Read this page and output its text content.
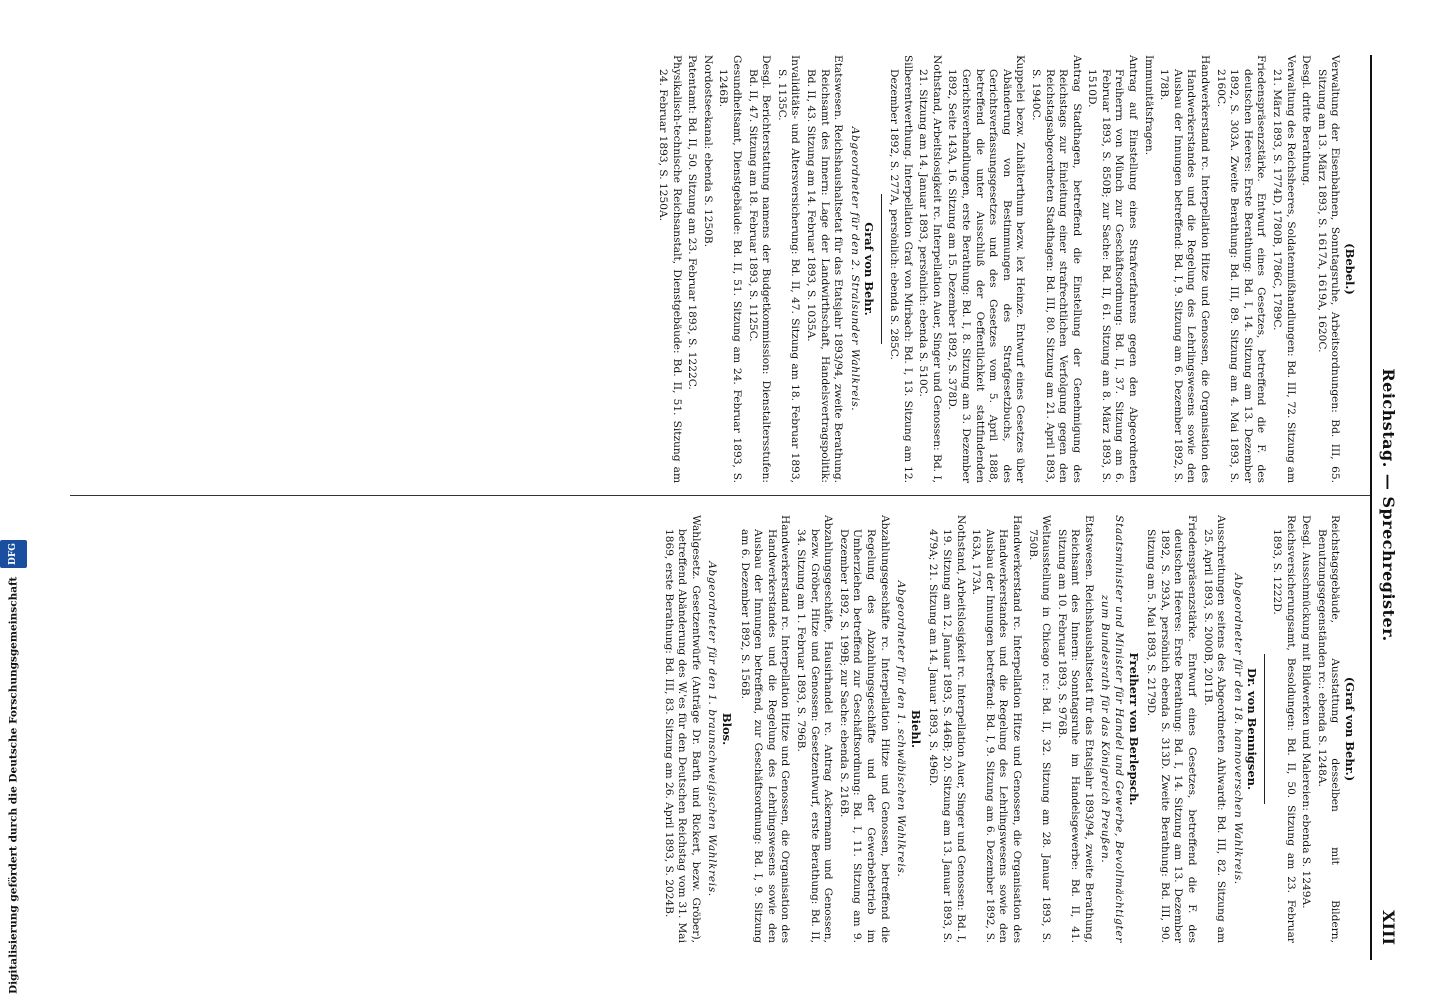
Reichstag. — Sprechregister.
XIII
(Bebel.)

Verwaltung der Eisenbahnen, Sonntagsruhe, Arbeitsordnungen: Bd. III, 65. Sitzung am 13. März 1893, S. 1617A, 1619A, 1620C.

Desgl. dritte Berathung.

Verwaltung des Reichsheeres, Soldatenmißhandlungen: Bd. III, 72. Sitzung am 21. März 1893, S. 1774D, 1780B, 1786C, 1789C.

Friedenspräsenzstärke. Entwurf eines Gesetzes, betreffend die F. des deutschen Heeres: Erste Berathung: Bd. I, 14. Sitzung am 13. Dezember 1892, S. 303A. Zweite Berathung: Bd. III, 89. Sitzung am 4. Mai 1893, S. 2160C.

Handwerkerstand rc. Interpellation Hitze und Genossen, die Organisation des Handwerkerstandes und die Regelung des Lehrlingswesens sowie den Ausbau der Innungen betreffend: Bd. I, 9. Sitzung am 6. Dezember 1892, S. 178B.

Immunitätsfragen.

Antrag auf Einstellung eines Strafverfahrens gegen den Abgeordneten Freiherrn von Münch zur Geschäftsordnung: Bd. II, 37. Sitzung am 6. Februar 1893, S. 850B; zur Sache: Bd. II, 61. Sitzung am 8. März 1893, S. 1510D.

Antrag Stadthagen, betreffend die Einstellung der Genehmigung des Reichstags zur Einleitung einer strafrechtlichen Verfolgung gegen den Reichstagsabgeordneten Stadthagen: Bd. III, 80. Sitzung am 21. April 1893, S. 1940C.

Kuppelei bezw. Zuhälterthum bezw. lex Heinze. Entwurf eines Gesetzes über Abänderung von Bestimmungen des Strafgesetzbuchs, des Gerichtsverfassungsgesetzes und des Gesetzes vom 5. April 1888, betreffend die unter Ausschluß der Oeffentlichkeit stattfindenden Gerichtsverhandlungen, erste Berathung: Bd. I, 8. Sitzung am 3. Dezember 1892, Seite 143A, 16. Sitzung am 15. Dezember 1892, S. 378D.

Nothstand, Arbeitslosigkeit rc. Interpellation Auer, Singer und Genossen: Bd. I, 21. Sitzung am 14. Januar 1893, persönlich: ebenda S. 510C.

Silberentwerthung. Interpellation Graf von Mirbach: Bd. I, 13. Sitzung am 12. Dezember 1892, S. 277A, persönlich: ebenda S. 285C.

Graf von Behr.
Abgeordneter für den 2. Stralsunder Wahlkreis.

Etatswesen. Reichshaushaltsetat für das Etatsjahr 1893/94, zweite Berathung. Reichsamt des Innern: Lage der Landwirthschaft, Handelsvertragspolitik: Bd. II, 43. Sitzung am 14. Februar 1893, S. 1035A.

Invaliditäts- und Altersversicherung: Bd. II, 47. Sitzung am 18. Februar 1893, S. 1135C.

Desgl. Berichterstattung namens der Budgetkommission: Dienstaltersstufen: Bd. II, 47. Sitzung am 18. Februar 1893, S. 1125C.

Gesundheitsamt, Dienstgebäude: Bd. II, 51. Sitzung am 24. Februar 1893, S. 1246B.

Nordostseekanal: ebenda S. 1250B.

Patentamt: Bd. II, 50. Sitzung am 23. Februar 1893, S. 1222C.

Physikalisch-technische Reichsanstalt, Dienstgebäude: Bd. II, 51. Sitzung am 24. Februar 1893, S. 1250A.

(Graf von Behr.)

Reichstagsgebäude, Ausstattung desselben mit Bildern, Benutzungsgegenständen rc.: ebenda S. 1248A.

Desgl. Ausschmückung mit Bildwerken und Malereien: ebenda S. 1249A.

Reichsversicherungsamt, Besoldungen: Bd. II, 50. Sitzung am 23. Februar 1893, S. 1222D.

Dr. von Bennigsen.
Abgeordneter für den 18. hannoverschen Wahlkreis.

Ausschreitungen seitens des Abgeordneten Ahlwardt: Bd. III, 82. Sitzung am 25. April 1893, S. 2000B, 2011B.

Friedenspräsenzstärke. Entwurf eines Gesetzes, betreffend die F. des deutschen Heeres: Erste Berathung: Bd. I, 14. Sitzung am 13. Dezember 1892, S. 293A, persönlich ebenda S. 313D. Zweite Berathung: Bd. III, 90. Sitzung am 5. Mai 1893, S. 2179D.

Freiherr von Berlepsch.
Staatsminister und Minister für Handel und Gewerbe, Bevollmächtigter zum Bundesrath für das Königreich Preußen.

Etatswesen. Reichshaushaltsetat für das Etatsjahr 1893/94, zweite Berathung, Reichsamt des Innern: Sonntagsruhe im Handelsgewerbe: Bd. II, 41. Sitzung am 10. Februar 1893, S. 976B.

Weltausstellung in Chicago rc.: Bd. II, 32. Sitzung am 28. Januar 1893, S. 750B.

Handwerkerstand rc. Interpellation Hitze und Genossen, die Organisation des Handwerkerstandes und die Regelung des Lehrlingswesens sowie den Ausbau der Innungen betreffend: Bd. I, 9. Sitzung am 6. Dezember 1892, S. 163A, 173A.

Nothstand, Arbeitslosigkeit rc. Interpellation Auer, Singer und Genossen: Bd. I, 19. Sitzung am 12. Januar 1893, S. 446B; 20. Sitzung am 13. Januar 1893, S. 479A; 21. Sitzung am 14. Januar 1893, S. 496D.

Biehl.
Abgeordneter für den 1. schwäbischen Wahlkreis.

Abzahlungsgeschäfte rc. Interpellation Hitze und Genossen, betreffend die Regelung des Abzahlungsgeschäfte und der Gewerbebetrieb im Umherziehen betreffend zur Geschäftsordnung: Bd. I, 11. Sitzung am 9. Dezember 1892, S. 199B; zur Sache: ebenda S. 216B.

Abzahlungsgeschäfte, Hausirhandel rc. Antrag Ackermann und Genossen, bezw. Gröber, Hitze und Genossen: Gesetzentwurf, erste Berathung: Bd. II, 34. Sitzung am 1. Februar 1893, S. 796B.

Handwerkerstand rc. Interpellation Hitze und Genossen, die Organisation des Handwerkerstandes und die Regelung des Lehrlingswesens sowie den Ausbau der Innungen betreffend, zur Geschäftsordnung: Bd. I, 9. Sitzung am 6. Dezember 1892, S. 156B.

Blos.
Abgeordneter für den 1. braunschweigischen Wahlkreis.

Wahlgesetz. Gesetzentwürfe (Anträge Dr. Barth und Rickert, bezw. Gröber), betreffend Abänderung des W.'es für den Deutschen Reichstag vom 31. Mai 1869, erste Berathung: Bd. III, 83. Sitzung am 26. April 1893, S. 2024B.

Digitalisierung gefördert durch die Deutsche Forschungsgemeinschaft DFG
